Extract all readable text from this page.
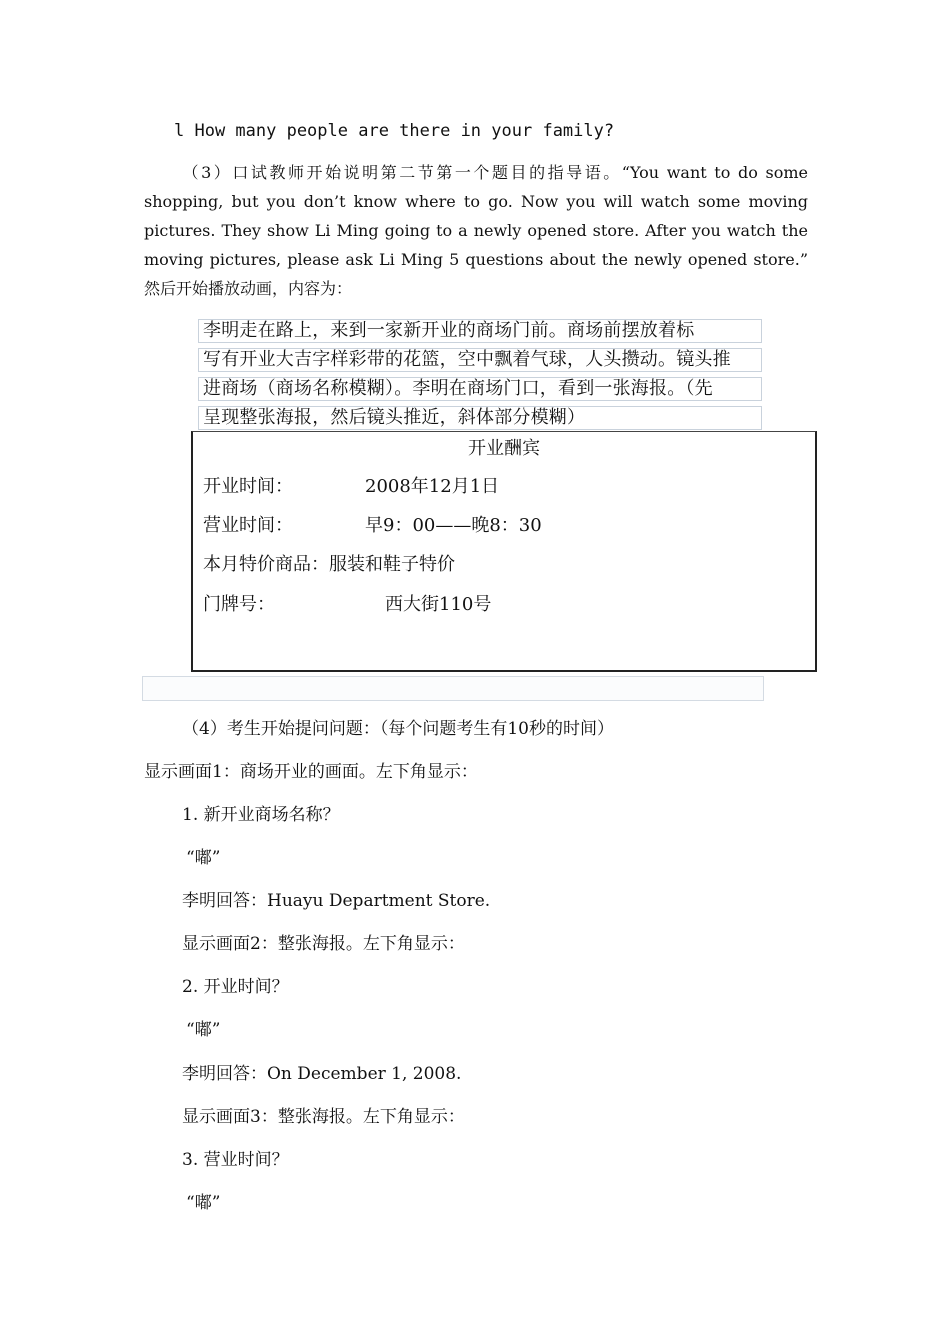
l How many people are there in your family?
（3）口试教师开始说明第二节第一个题目的指导语。“You want to do some shopping, but you don’t know where to go. Now you will watch some moving pictures. They show Li Ming going to a newly opened store. After you watch the moving pictures, please ask Li Ming 5 questions about the newly opened store.” 然后开始播放动画，内容为：
李明走在路上，来到一家新开业的商场门前。商场前摆放着标
写有开业大吉字样彩带的花篮，空中飘着气球，人头攒动。镜头推
进商场（商场名称模糊）。李明在商场门口，看到一张海报。（先
呈现整张海报，然后镜头推近，斜体部分模糊）
开业酬宾
开业时间：	2008年12月1日
营业时间：	早9：00——晚8：30
本月特价商品：服装和鞋子特价
门牌号：	西大街110号
（4）考生开始提问问题：（每个问题考生有10秒的时间）
显示画面1：商场开业的画面。左下角显示：
1. 新开业商场名称？
“嘟”
李明回答：Huayu Department Store.
显示画面2：整张海报。左下角显示：
2. 开业时间？
“嘟”
李明回答：On December 1, 2008.
显示画面3：整张海报。左下角显示：
3. 营业时间？
“嘟”
